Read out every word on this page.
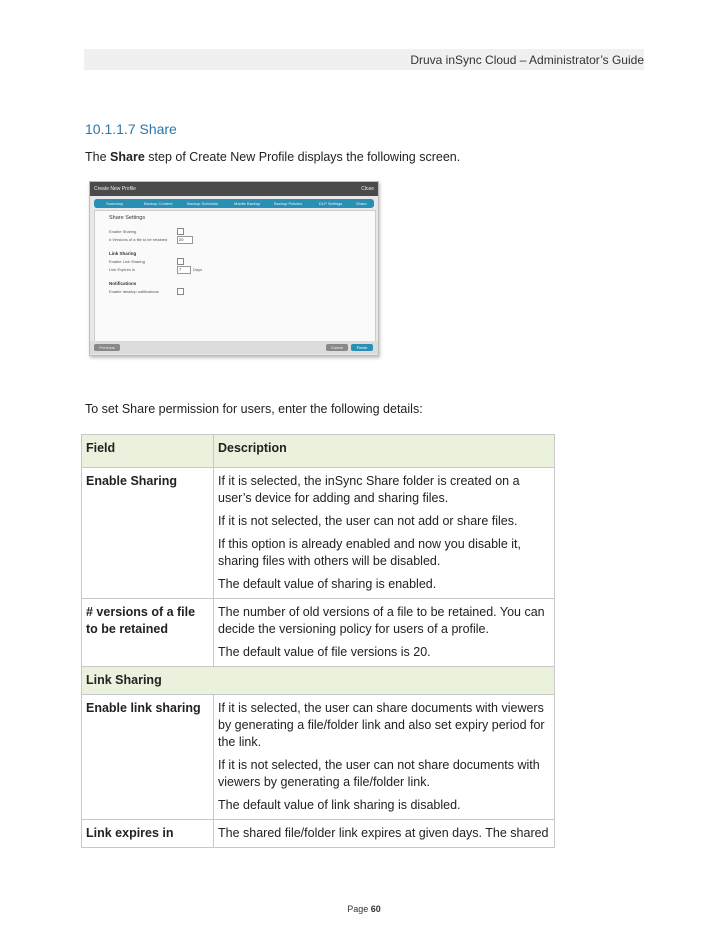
Druva inSync Cloud – Administrator’s Guide
10.1.1.7 Share
The Share step of Create New Profile displays the following screen.
Create New Profile	Close
Summary	Backup Content	Backup Schedule	Mobile Backup	Backup Policies	DLP Settings	Share
Share Settings
Enable Sharing
# Versions of a file to be retained	20
Link Sharing
Enable Link Sharing
Link Expires In	7	Days
Notifications
Enable desktop notifications
Previous	Cancel	Finish
To set Share permission for users, enter the following details:
Field	Description
Enable Sharing	If it is selected, the inSync Share folder is created on a user’s device for adding and sharing files.

If it is not selected, the user can not add or share files.

If this option is already enabled and now you disable it, sharing files with others will be disabled.

The default value of sharing is enabled.

# versions of a file to be retained	The number of old versions of a file to be retained. You can decide the versioning policy for users of a profile.

The default value of file versions is 20.

Link Sharing	
Enable link sharing	If it is selected, the user can share documents with viewers by generating a file/folder link and also set expiry period for the link.

If it is not selected, the user can not share documents with viewers by generating a file/folder link.

The default value of link sharing is disabled.

Link expires in	The shared file/folder link expires at given days. The shared

Page 60
